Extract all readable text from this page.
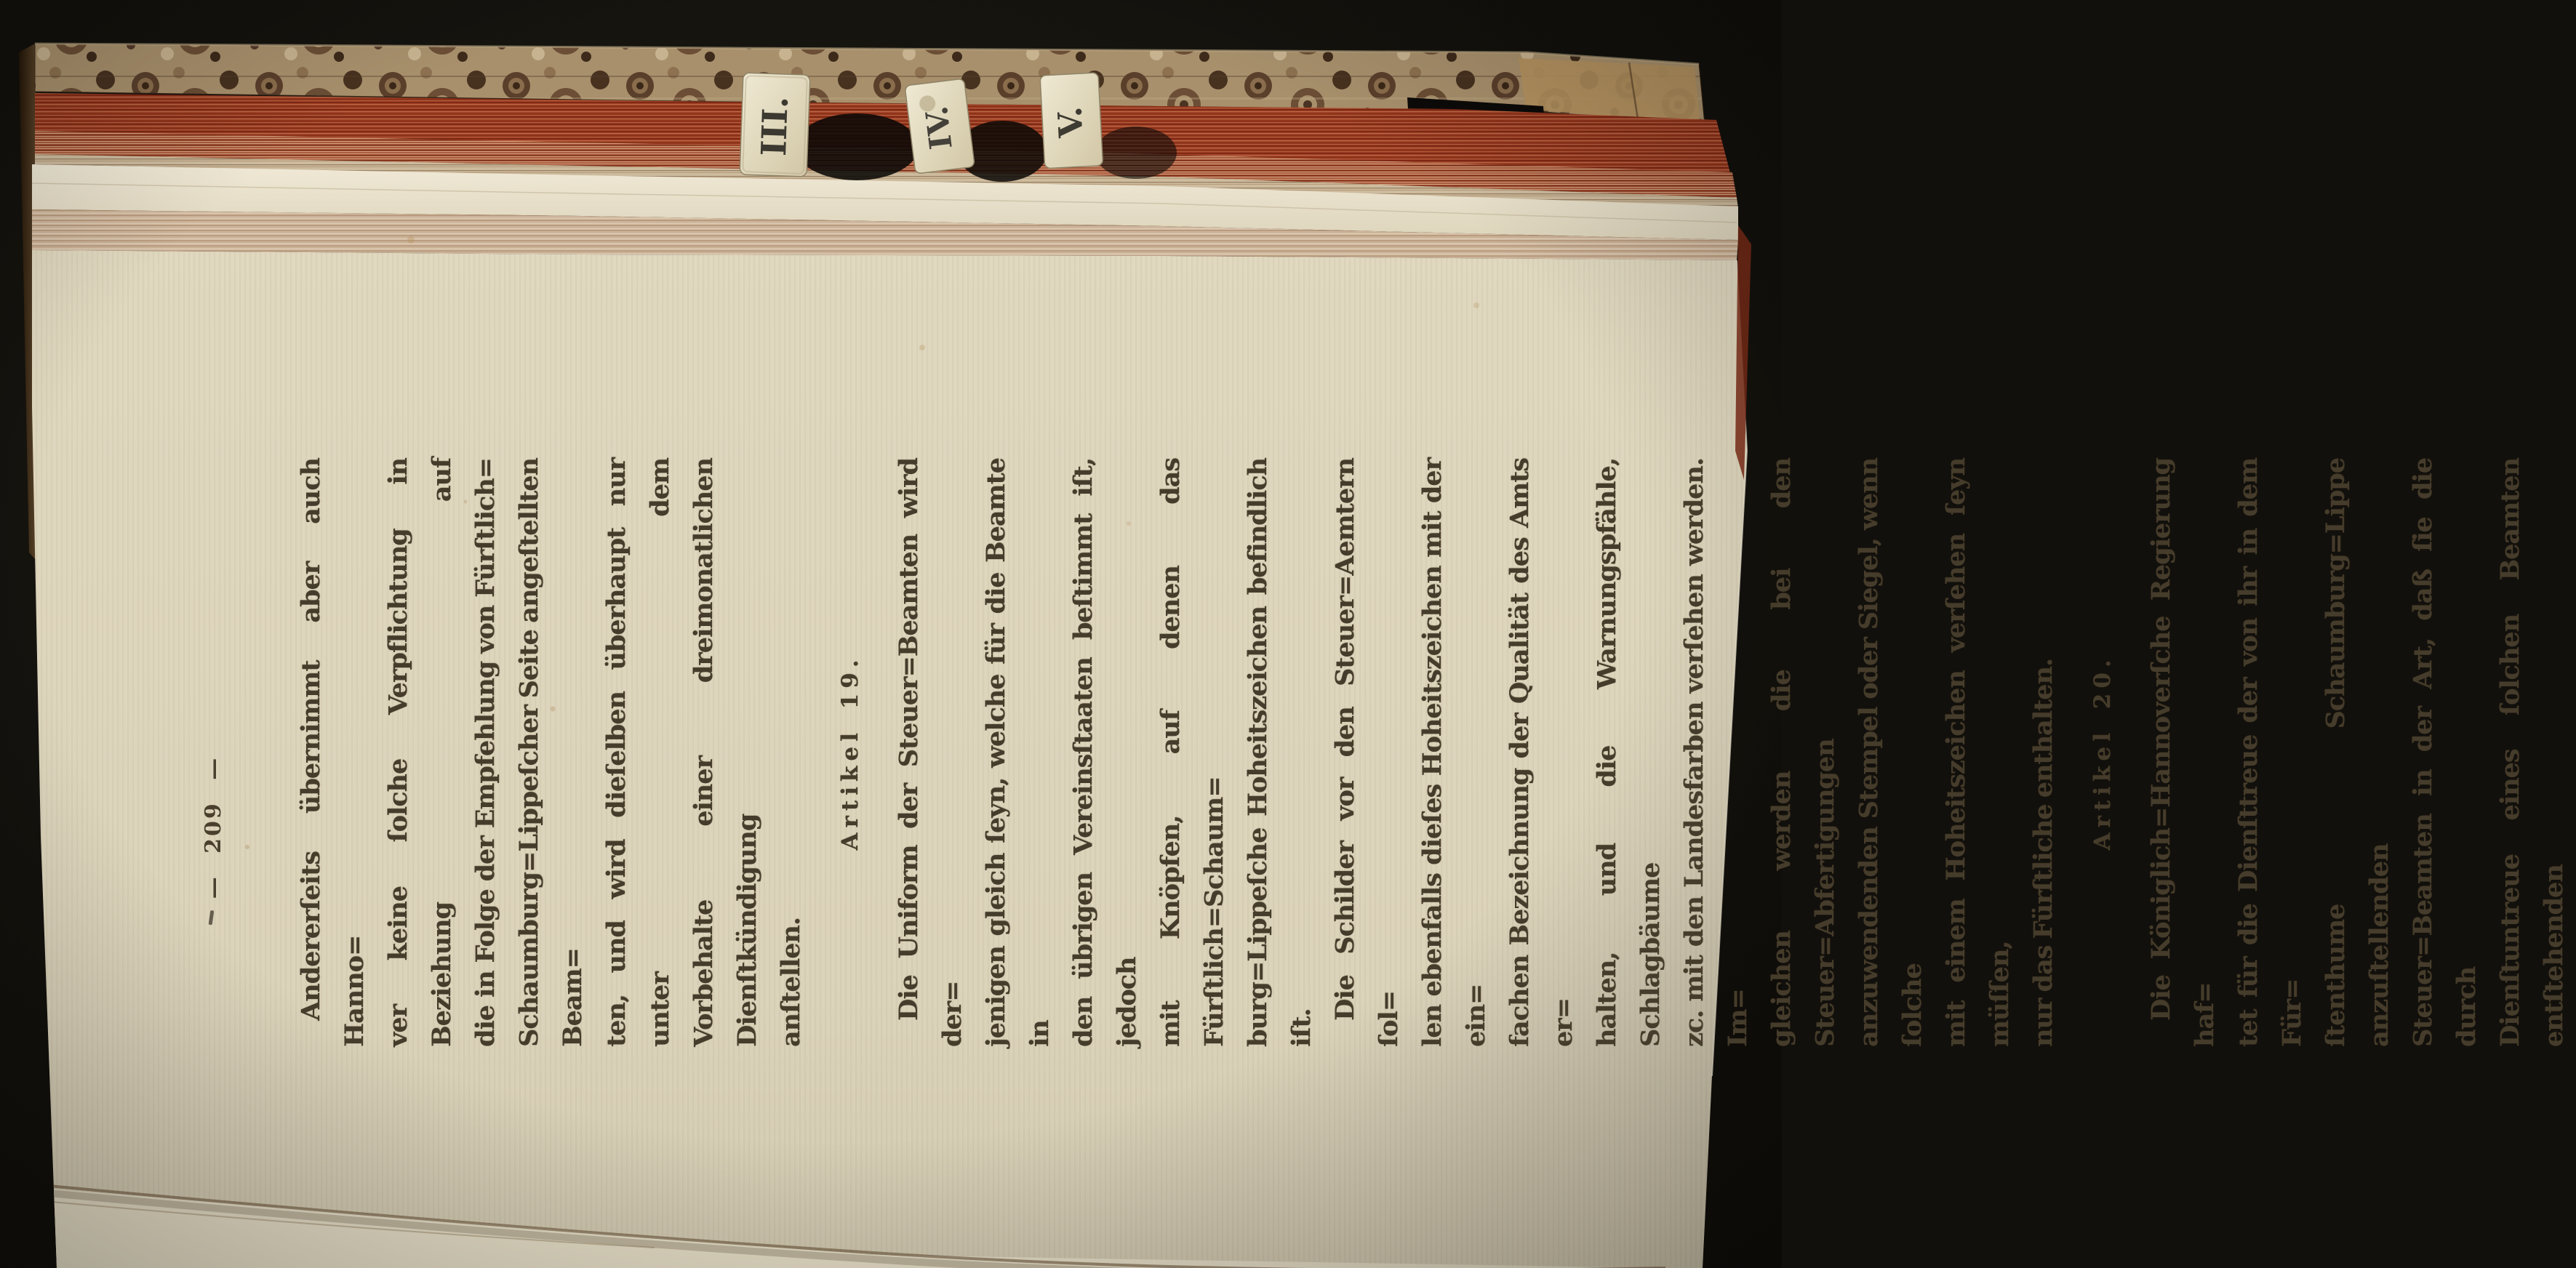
— 209 —	Andererſeits übernimmt aber auch Hanno= ver keine ſolche Verpflichtung in Beziehung auf die in Folge der Empfehlung von Fürſtlich= Schaumburg=Lippeſcher Seite angeſtellten Beam= ten, und wird dieſelben überhaupt nur unter dem Vorbehalte einer dreimonatlichen Dienſtkündigung anſtellen.
Artikel 19.	Die Uniform der Steuer=Beamten wird der= jenigen gleich ſeyn, welche für die Beamte in den übrigen Vereinsſtaaten beſtimmt iſt, jedoch mit Knöpfen, auf denen das Fürſtlich=Schaum= burg=Lippeſche Hoheitszeichen befindlich iſt.
Die Schilder vor den Steuer=Aemtern ſol= len ebenfalls dieſes Hoheitszeichen mit der ein= fachen Bezeichnung der Qualität des Amts er= halten, und die Warnungspfähle, Schlagbäume zc. mit den Landesfarben verſehen werden. Im= gleichen werden die bei den Steuer=Abfertigungen anzuwendenden Stempel oder Siegel, wenn ſolche mit einem Hoheitszeichen verſehen ſeyn müſſen, nur das Fürſtliche enthalten.	Artikel 20.	Die Königlich=Hannoverſche Regierung haf= tet für die Dienſttreue der von ihr in dem Für= ſtenthume Schaumburg=Lippe anzuſtellenden Steuer=Beamten in der Art, daß ſie die durch Dienſtuntreue eines ſolchen Beamten entſtehenden
